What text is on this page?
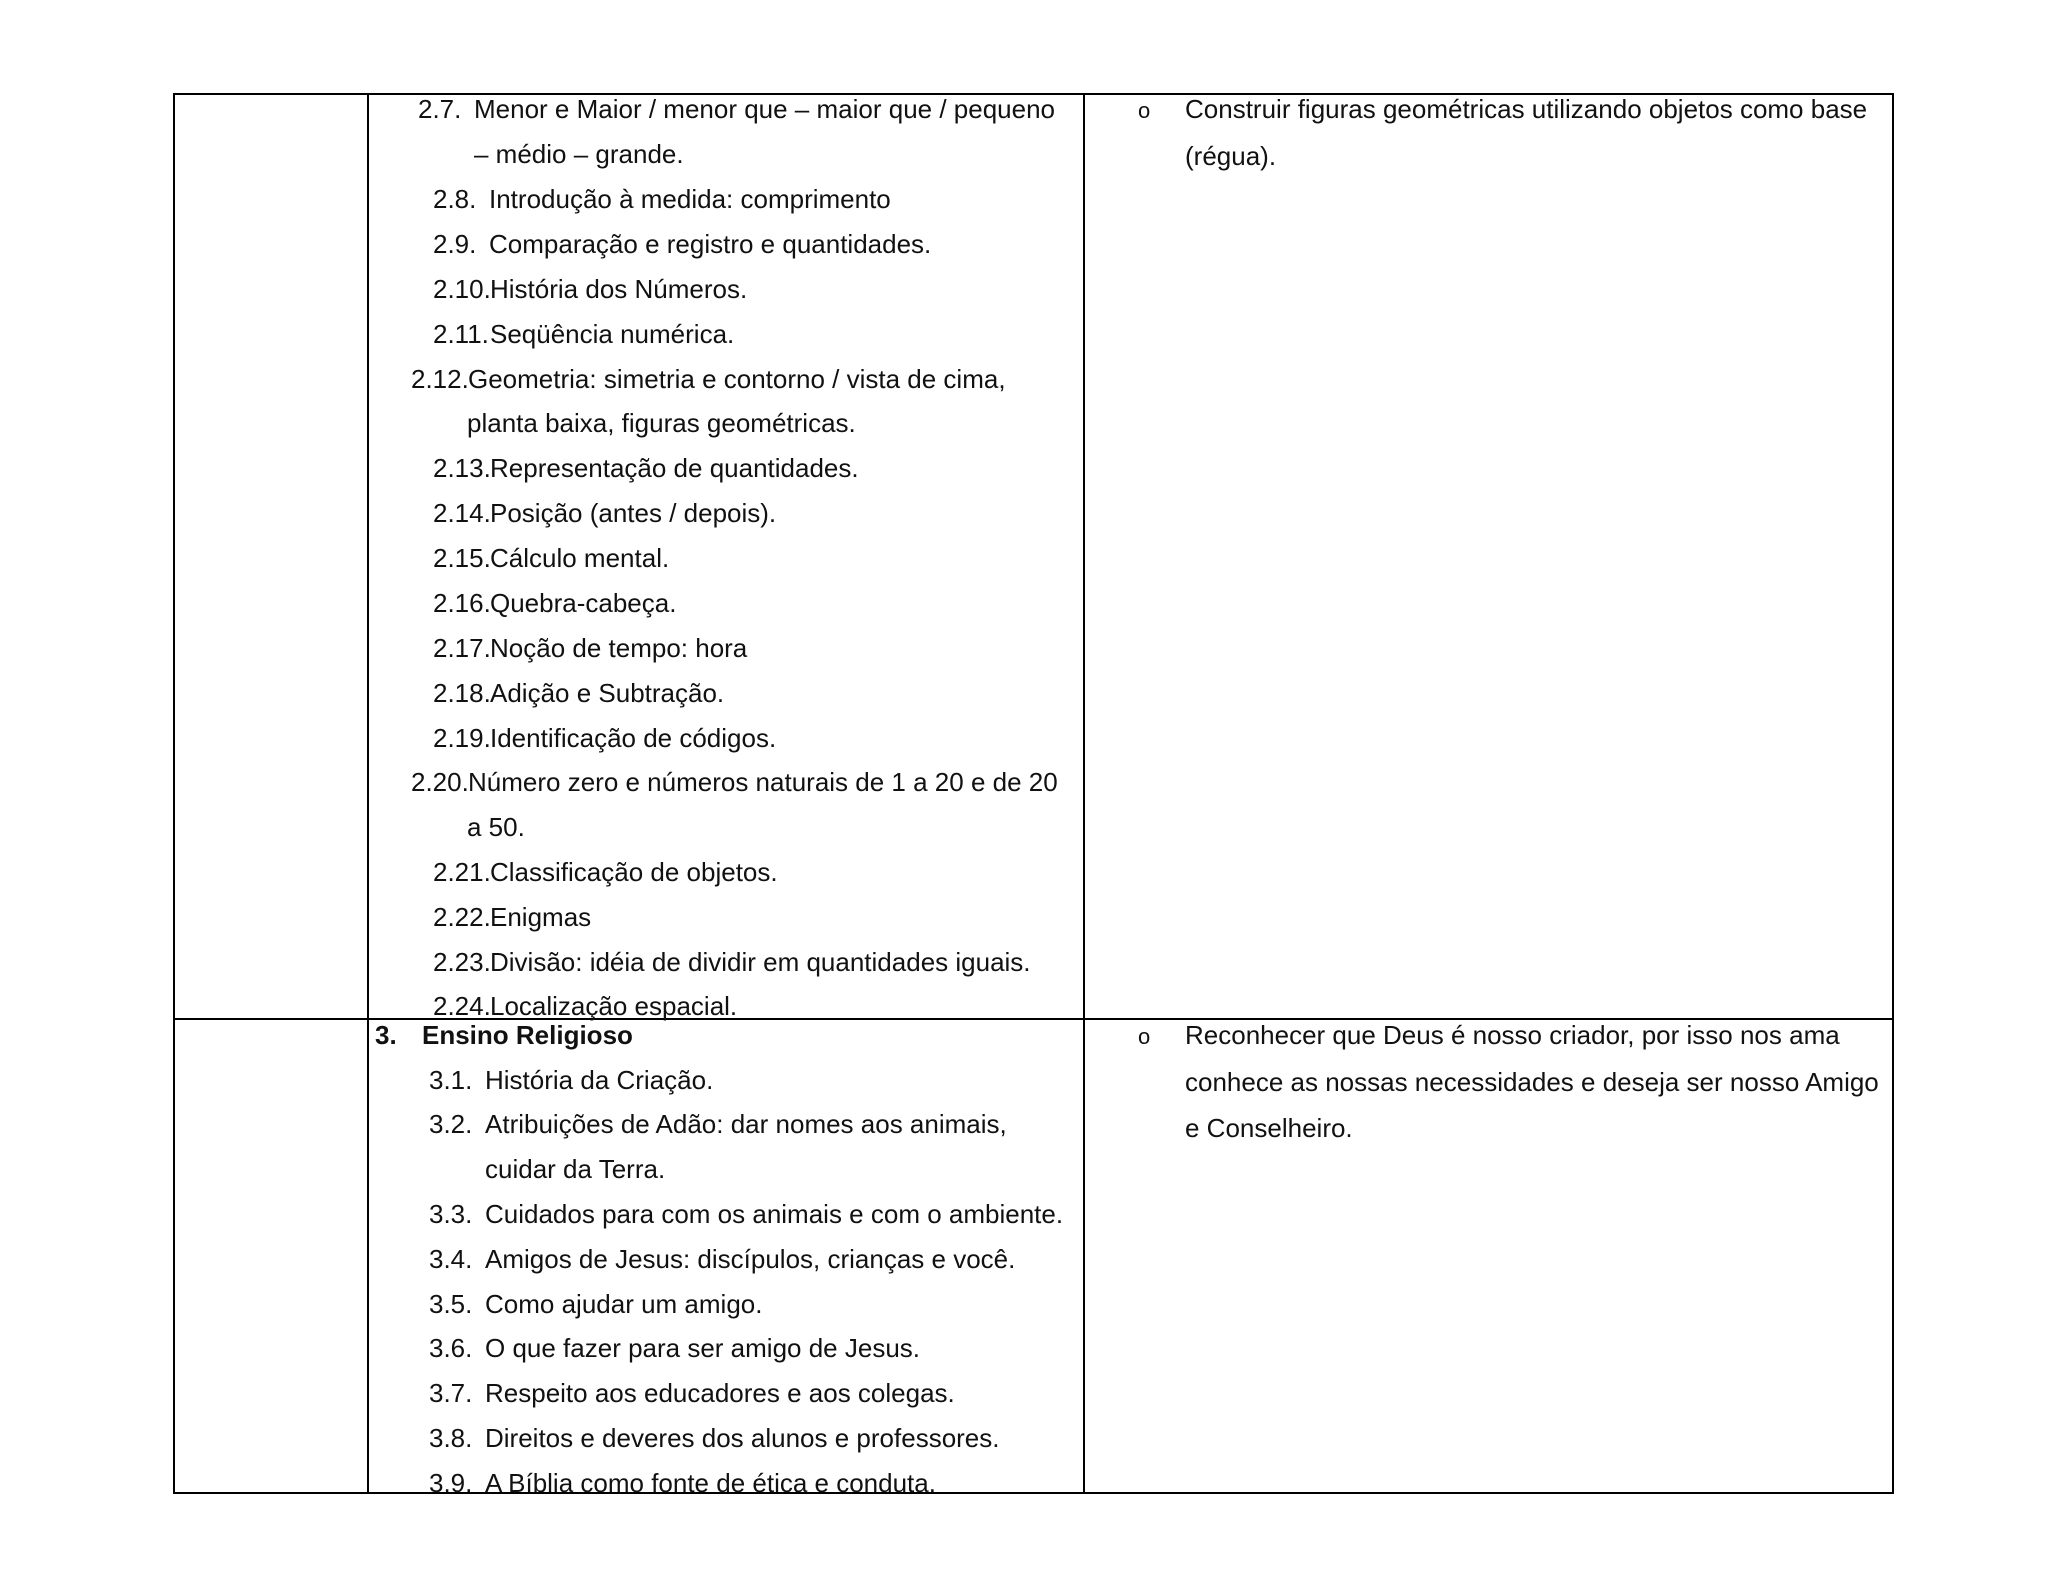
2.7. Menor e Maior / menor que – maior que / pequeno
– médio – grande.
2.8. Introdução à medida: comprimento
2.9. Comparação e registro e quantidades.
2.10. História dos Números.
2.11. Seqüência numérica.
2.12. Geometria: simetria e contorno / vista de cima,
planta baixa, figuras geométricas.
2.13. Representação de quantidades.
2.14. Posição (antes / depois).
2.15. Cálculo mental.
2.16. Quebra-cabeça.
2.17. Noção de tempo: hora
2.18. Adição e Subtração.
2.19. Identificação de códigos.
2.20. Número zero e números naturais de 1 a 20 e de 20
a 50.
2.21. Classificação de objetos.
2.22. Enigmas
2.23. Divisão: idéia de dividir em quantidades iguais.
2.24. Localização espacial.
o Construir figuras geométricas utilizando objetos como base
(régua).
3. Ensino Religioso
3.1. História da Criação.
3.2. Atribuições de Adão: dar nomes aos animais,
cuidar da Terra.
3.3. Cuidados para com os animais e com o ambiente.
3.4. Amigos de Jesus: discípulos, crianças e você.
3.5. Como ajudar um amigo.
3.6. O que fazer para ser amigo de Jesus.
3.7. Respeito aos educadores e aos colegas.
3.8. Direitos e deveres dos alunos e professores.
3.9. A Bíblia como fonte de ética e conduta.
o Reconhecer que Deus é nosso criador, por isso nos ama
conhece as nossas necessidades e deseja ser nosso Amigo
e Conselheiro.
